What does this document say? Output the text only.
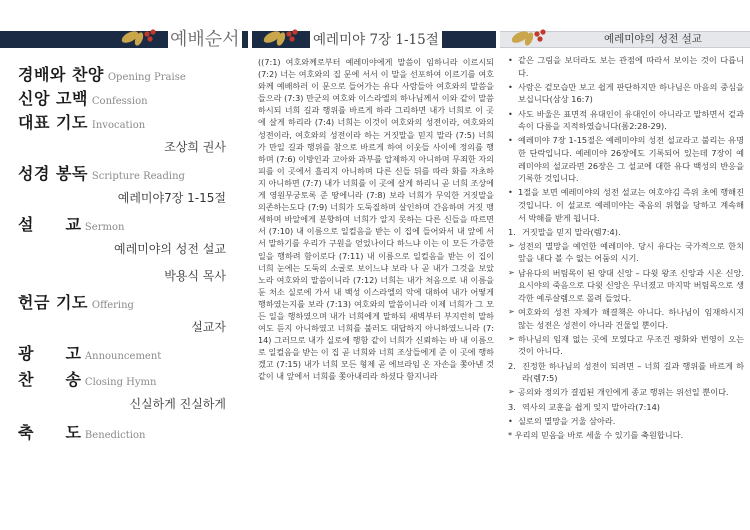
예배순서
경배와 찬양 Opening Praise
신앙 고백 Confession
대표 기도 Invocation
조상희 권사
성경 봉독 Scripture Reading
예레미야7장 1-15절
설　　교 Sermon
예레미야의 성전 설교
박용식 목사
헌금 기도 Offering
설교자
광　　고 Announcement
찬　　송 Closing Hymn
신실하게 진실하게
축　　도 Benediction
예레미야 7장 1-15절
((7:1) 여호와께로부터 예레미야에게 말씀이 임하니라 이르시되 (7:2) 너는 여호와의 집 문에 서서 이 말을 선포하여 이르기를 여호와께 예배하러 이 문으로 들어가는 유다 사람들아 여호와의 말씀을 들으라 (7:3) 만군의 여호와 이스라엘의 하나님께서 이와 같이 말씀하시되 너희 길과 행위를 바르게 하라 그리하면 내가 너희로 이 곳에 살게 하리라 (7:4) 너희는 이것이 여호와의 성전이라, 여호와의 성전이라, 여호와의 성전이라 하는 거짓말을 믿지 말라 (7:5) 너희가 만일 길과 행위를 참으로 바르게 하여 이웃들 사이에 정의를 행하며 (7:6) 이방인과 고아와 과부를 압제하지 아니하며 무죄한 자의 피를 이 곳에서 흘리지 아니하며 다른 신들 뒤를 따라 화를 자초하지 아니하면 (7:7) 내가 너희를 이 곳에 살게 하리니 곧 너희 조상에게 영원무궁토록 준 땅에니라 (7:8) 보라 너희가 무익한 거짓말을 의존하는도다 (7:9) 너희가 도둑질하며 살인하며 간음하며 거짓 맹세하며 바알에게 분향하며 너희가 알지 못하는 다른 신들을 따르면서 (7:10) 내 이름으로 일컬음을 받는 이 집에 들어와서 내 앞에 서서 말하기를 우리가 구원을 얻었나이다 하느냐 이는 이 모든 가증한 일을 행하려 함이로다 (7:11) 내 이름으로 일컬음을 받는 이 집이 너희 눈에는 도둑의 소굴로 보이느냐 보라 나 곧 내가 그것을 보았노라 여호와의 말씀이니라 (7:12) 너희는 내가 처음으로 내 이름을 둔 처소 실로에 가서 내 백성 이스라엘의 악에 대하여 내가 어떻게 행하였는지를 보라 (7:13) 여호와의 말씀이니라 이제 너희가 그 모든 일을 행하였으며 내가 너희에게 말하되 새벽부터 부지런히 말하여도 듣지 아니하였고 너희를 불러도 대답하지 아니하였느니라 (7:14) 그러므로 내가 실로에 행함 같이 너희가 신뢰하는 바 내 이름으로 일컬음을 받는 이 집 곧 너희와 너희 조상들에게 준 이 곳에 행하겠고 (7:15) 내가 너희 모든 형제 곧 에브라임 온 자손을 쫓아낸 것 같이 내 앞에서 너희를 쫓아내리라 하셨다 함지니라
예레미야의 성전 설교
• 같은 그림을 보더라도 보는 관점에 따라서 보이는 것이 다릅니다.
• 사람은 겉모습만 보고 쉽게 판단하지만 하나님은 마음의 중심을 보십니다(삼상 16:7)
• 사도 바울은 표면적 유대인이 유대인이 아니라고 말하면서 겉과 속이 다름을 지적하였습니다(롬2:28-29).
• 예레미야 7장 1-15절은 예레미야의 성전 설교라고 불리는 유명한 단락입니다. 예레미야 26장에도 기록되어 있는데 7장이 예레미야의 설교라면 26장은 그 설교에 대한 유다 백성의 반응을 기록한 것입니다.
• 1절을 보면 예레미야의 성전 설교는 여호야김 즉위 초에 행해진 것입니다. 이 설교로 예레미야는 죽음의 위협을 당하고 계속해서 박해를 받게 됩니다.
1. 거짓말을 믿지 말라(렘7:4).
➢ 성전의 멸망을 예언한 예레미야. 당시 유다는 국가적으로 한치 앞을 내다 볼 수 없는 어둠의 시기.
➢ 남유다의 버팀목이 된 양대 신앙 – 다윗 왕조 신앙과 시온 신앙. 요시야의 죽음으로 다윗 신앙은 무너졌고 마지막 버팀목으로 생각한 예루살렘으로 몰려 들었다.
➢ 여호와의 성전 자체가 해결책은 아니다. 하나님이 임재하시지 않는 성전은 성전이 아니라 건물일 뿐이다.
➢ 하나님의 임재 없는 곳에 모였다고 무조건 평화와 번영이 오는 것이 아니다.
2. 진정한 하나님의 성전이 되려면 – 너희 길과 행위를 바르게 하라(렘7:5)
➢ 공의와 정의가 결핍된 개인에게 종교 행위는 위선일 뿐이다.
3. 역사의 교훈을 쉽게 잊지 말아라(7:14)
• 실로의 멸망을 거울 삼아라.
* 우리의 믿음을 바로 세울 수 있기를 축원합니다.
